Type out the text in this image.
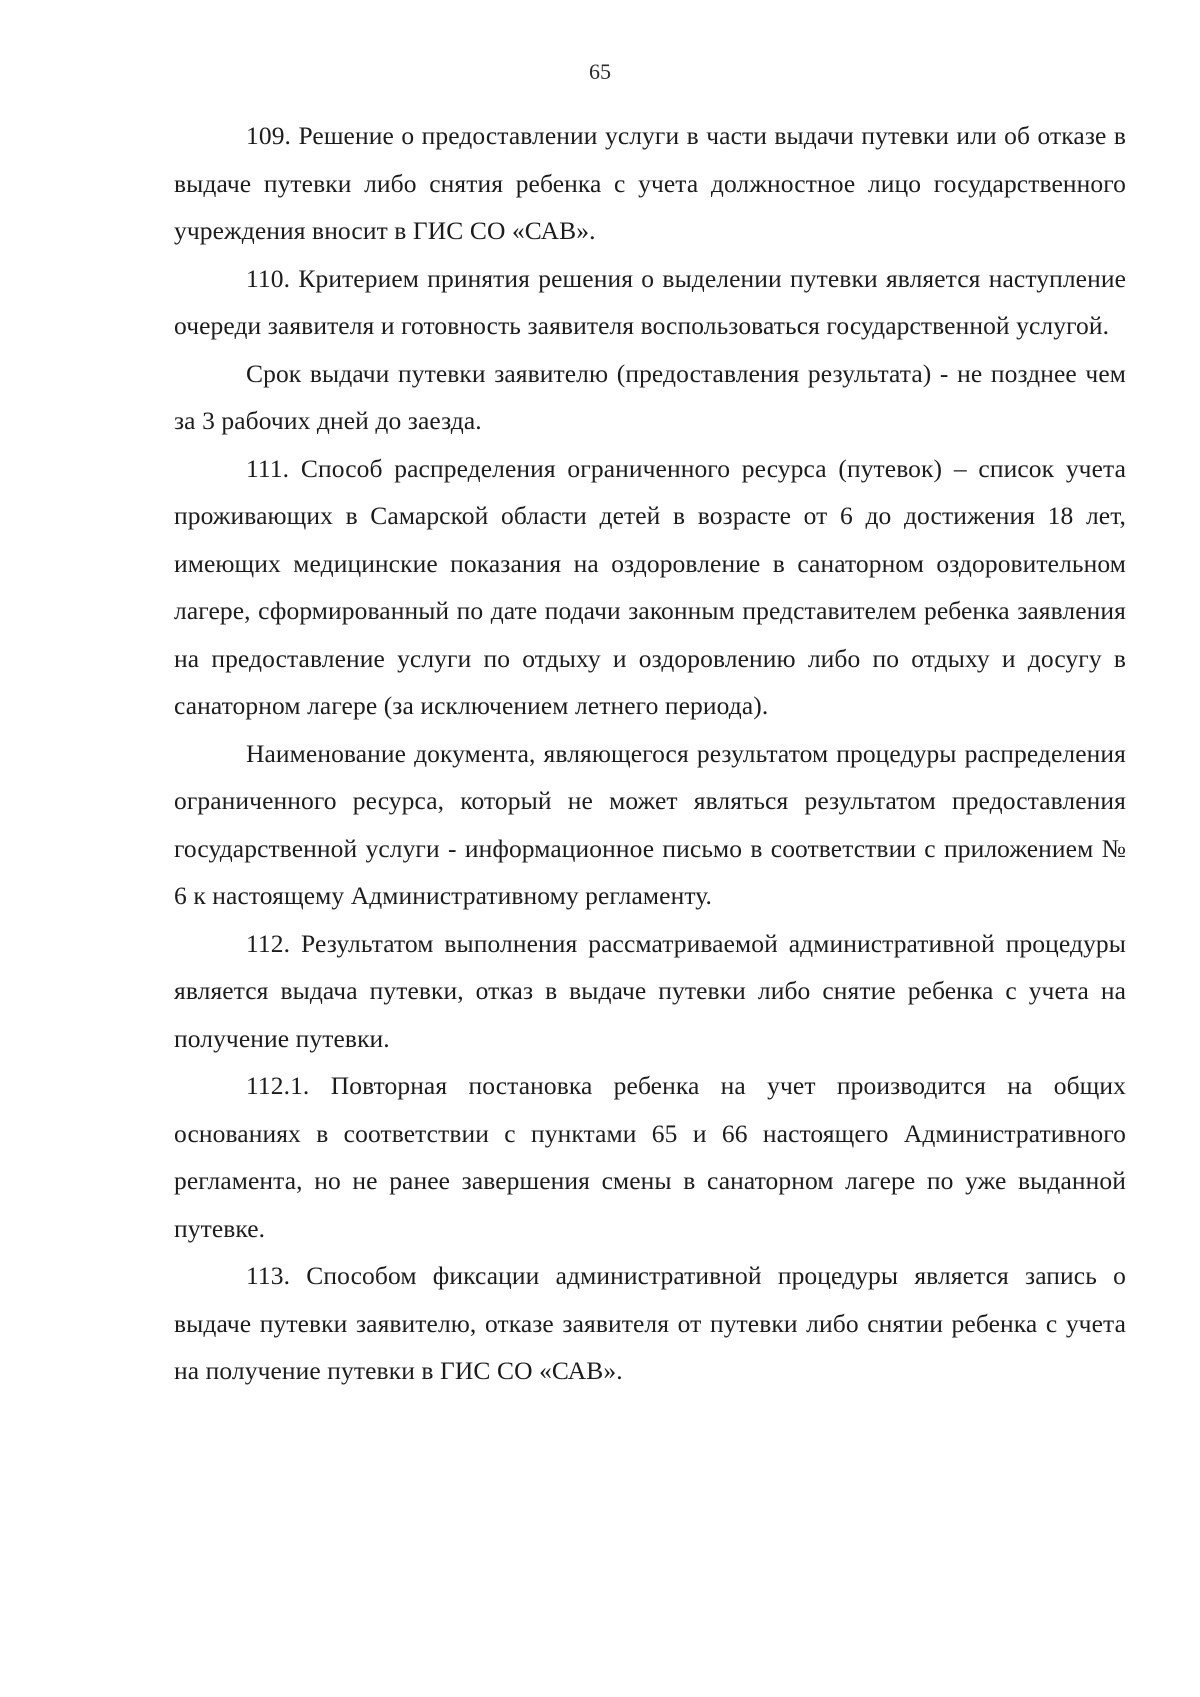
65

109. Решение о предоставлении услуги в части выдачи путевки или об отказе в выдаче путевки либо снятия ребенка с учета должностное лицо государственного учреждения вносит в ГИС СО «САВ».

110. Критерием принятия решения о выделении путевки является наступление очереди заявителя и готовность заявителя воспользоваться государственной услугой.

Срок выдачи путевки заявителю (предоставления результата) - не позднее чем за 3 рабочих дней до заезда.

111. Способ распределения ограниченного ресурса (путевок) – список учета проживающих в Самарской области детей в возрасте от 6 до достижения 18 лет, имеющих медицинские показания на оздоровление в санаторном оздоровительном лагере, сформированный по дате подачи законным представителем ребенка заявления на предоставление услуги по отдыху и оздоровлению либо по отдыху и досугу в санаторном лагере (за исключением летнего периода).

Наименование документа, являющегося результатом процедуры распределения ограниченного ресурса, который не может являться результатом предоставления государственной услуги - информационное письмо в соответствии с приложением № 6 к настоящему Административному регламенту.

112. Результатом выполнения рассматриваемой административной процедуры является выдача путевки, отказ в выдаче путевки либо снятие ребенка с учета на получение путевки.

112.1. Повторная постановка ребенка на учет производится на общих основаниях в соответствии с пунктами 65 и 66 настоящего Административного регламента, но не ранее завершения смены в санаторном лагере по уже выданной путевке.

113. Способом фиксации административной процедуры является запись о выдаче путевки заявителю, отказе заявителя от путевки либо снятии ребенка с учета на получение путевки в ГИС СО «САВ».
